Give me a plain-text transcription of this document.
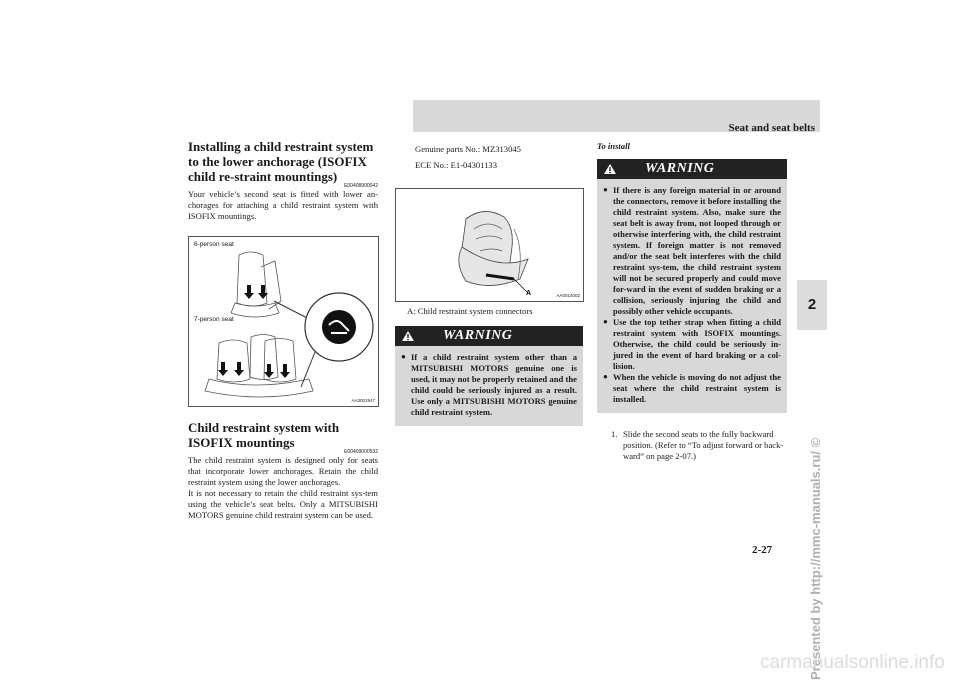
Seat and seat belts
2
Presented by http://mmc-manuals.ru/ ©
2-27
carmanualsonline.info
Installing a child restraint system to the lower anchorage (ISOFIX child re-straint mountings)
E00408900042

Your vehicle’s second seat is fitted with lower an-chorages for attaching a child restraint system with ISOFIX mountings.

6-person seat
7-person seat
AA3001947
Child restraint system with ISOFIX mountings
E00409000532

The child restraint system is designed only for seats that incorporate lower anchorages. Retain the child restraint system using the lower anchorages.

It is not necessary to retain the child restraint sys-tem using the vehicle’s seat belts. Only a MITSUBISHI MOTORS genuine child restraint system can be used.

Genuine parts No.: MZ313045
ECE No.: E1-04301133
A	AA0014002
A: Child restraint system connectors
WARNING
● If a child restraint system other than a MITSUBISHI MOTORS genuine one is used, it may not be properly retained and the child could be seriously injured as a result. Use only a MITSUBISHI MOTORS genuine child restraint system.
To install
WARNING
● If there is any foreign material in or around the connectors, remove it before installing the child restraint system. Also, make sure the seat belt is away from, not looped through or otherwise interfering with, the child restraint system. If foreign matter is not removed and/or the seat belt interferes with the child restraint sys-tem, the child restraint system will not be secured properly and could move for-ward in the event of sudden braking or a collision, seriously injuring the child and possibly other vehicle occupants.
● Use the top tether strap when fitting a child restraint system with ISOFIX mountings. Otherwise, the child could be seriously in-jured in the event of hard braking or a col-lision.
● When the vehicle is moving do not adjust the seat where the child restraint system is installed.
1. Slide the second seats to the fully backward position. (Refer to “To adjust forward or back-ward” on page 2-07.)
